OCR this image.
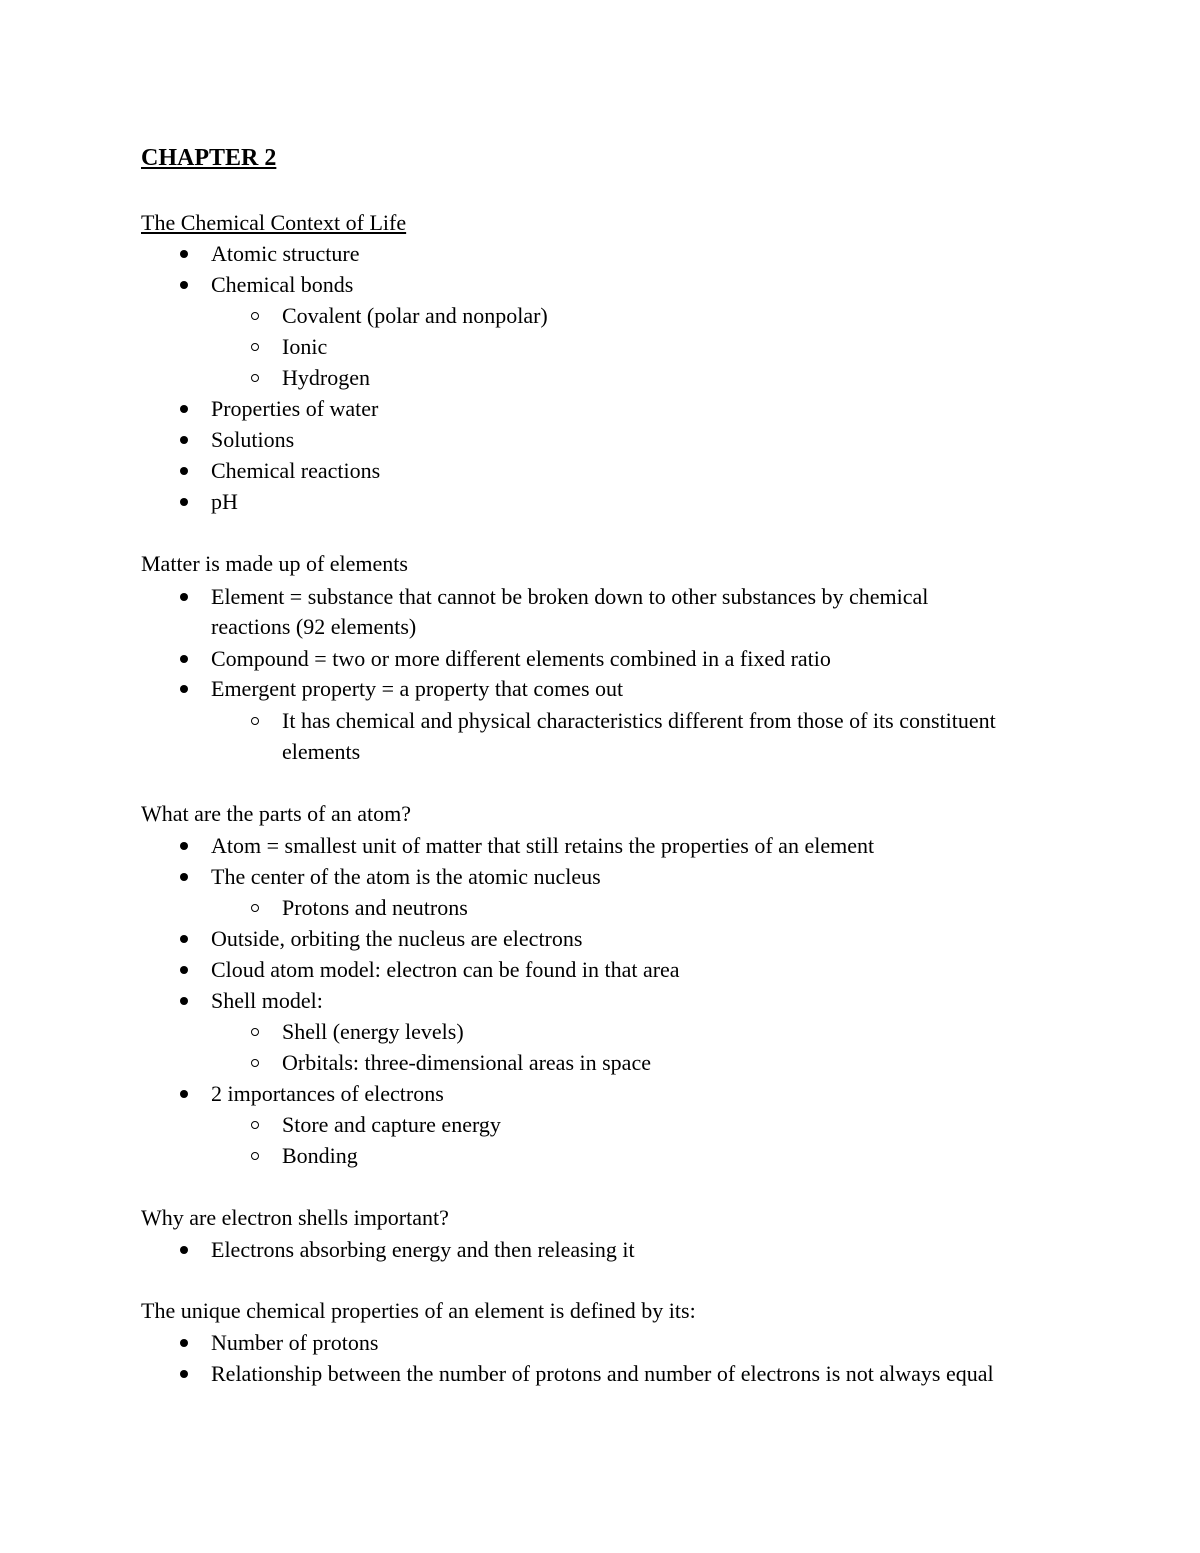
CHAPTER 2
The Chemical Context of Life
Atomic structure
Chemical bonds
Covalent (polar and nonpolar)
Ionic
Hydrogen
Properties of water
Solutions
Chemical reactions
pH
Matter is made up of elements
Element = substance that cannot be broken down to other substances by chemical
reactions (92 elements)
Compound = two or more different elements combined in a fixed ratio
Emergent property = a property that comes out
It has chemical and physical characteristics different from those of its constituent
elements
What are the parts of an atom?
Atom = smallest unit of matter that still retains the properties of an element
The center of the atom is the atomic nucleus
Protons and neutrons
Outside, orbiting the nucleus are electrons
Cloud atom model: electron can be found in that area
Shell model:
Shell (energy levels)
Orbitals: three-dimensional areas in space
2 importances of electrons
Store and capture energy
Bonding
Why are electron shells important?
Electrons absorbing energy and then releasing it
The unique chemical properties of an element is defined by its:
Number of protons
Relationship between the number of protons and number of electrons is not always equal
